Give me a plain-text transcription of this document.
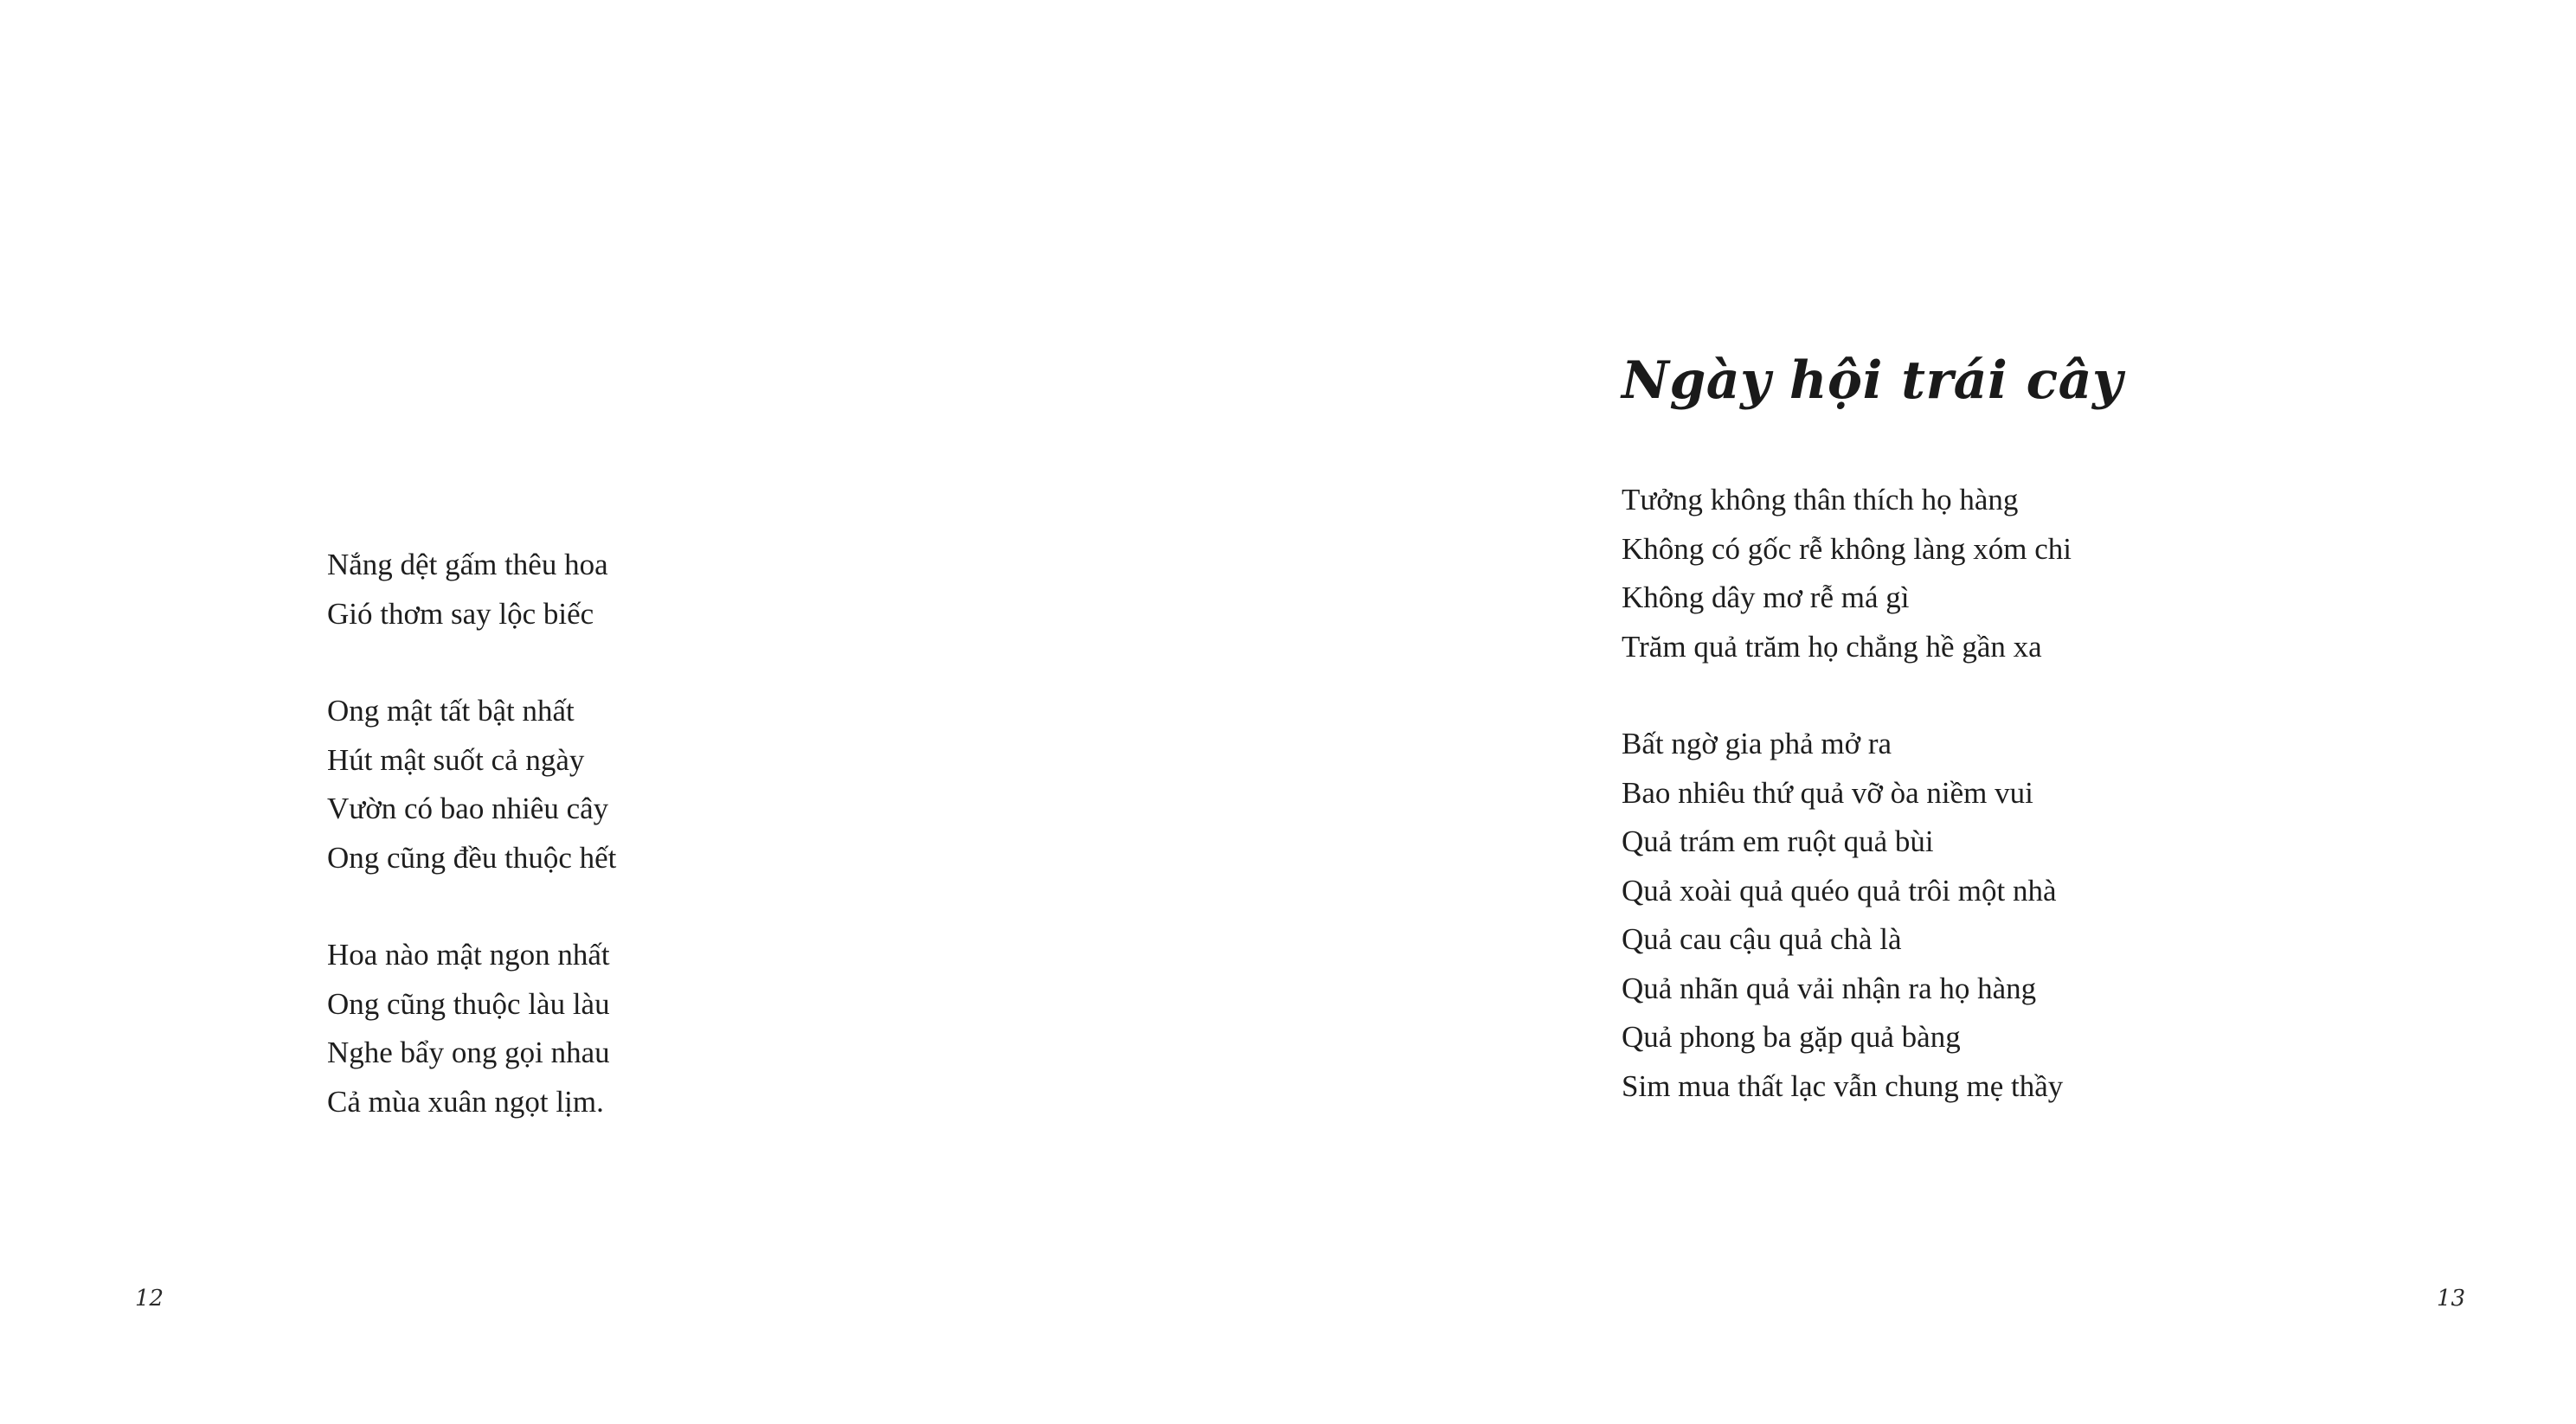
Nắng dệt gấm thêu hoa
Gió thơm say lộc biếc

Ong mật tất bật nhất
Hút mật suốt cả ngày
Vườn có bao nhiêu cây
Ong cũng đều thuộc hết

Hoa nào mật ngon nhất
Ong cũng thuộc làu làu
Nghe bẩy ong gọi nhau
Cả mùa xuân ngọt lịm.

Ngày hội trái cây

Tưởng không thân thích họ hàng
Không có gốc rễ không làng xóm chi
Không dây mơ rễ má gì
Trăm quả trăm họ chẳng hề gần xa

Bất ngờ gia phả mở ra
Bao nhiêu thứ quả vỡ òa niềm vui
Quả trám em ruột quả bùi
Quả xoài quả quéo quả trôi một nhà
Quả cau cậu quả chà là
Quả nhãn quả vải nhận ra họ hàng
Quả phong ba gặp quả bàng
Sim mua thất lạc vẫn chung mẹ thầy

12	13
